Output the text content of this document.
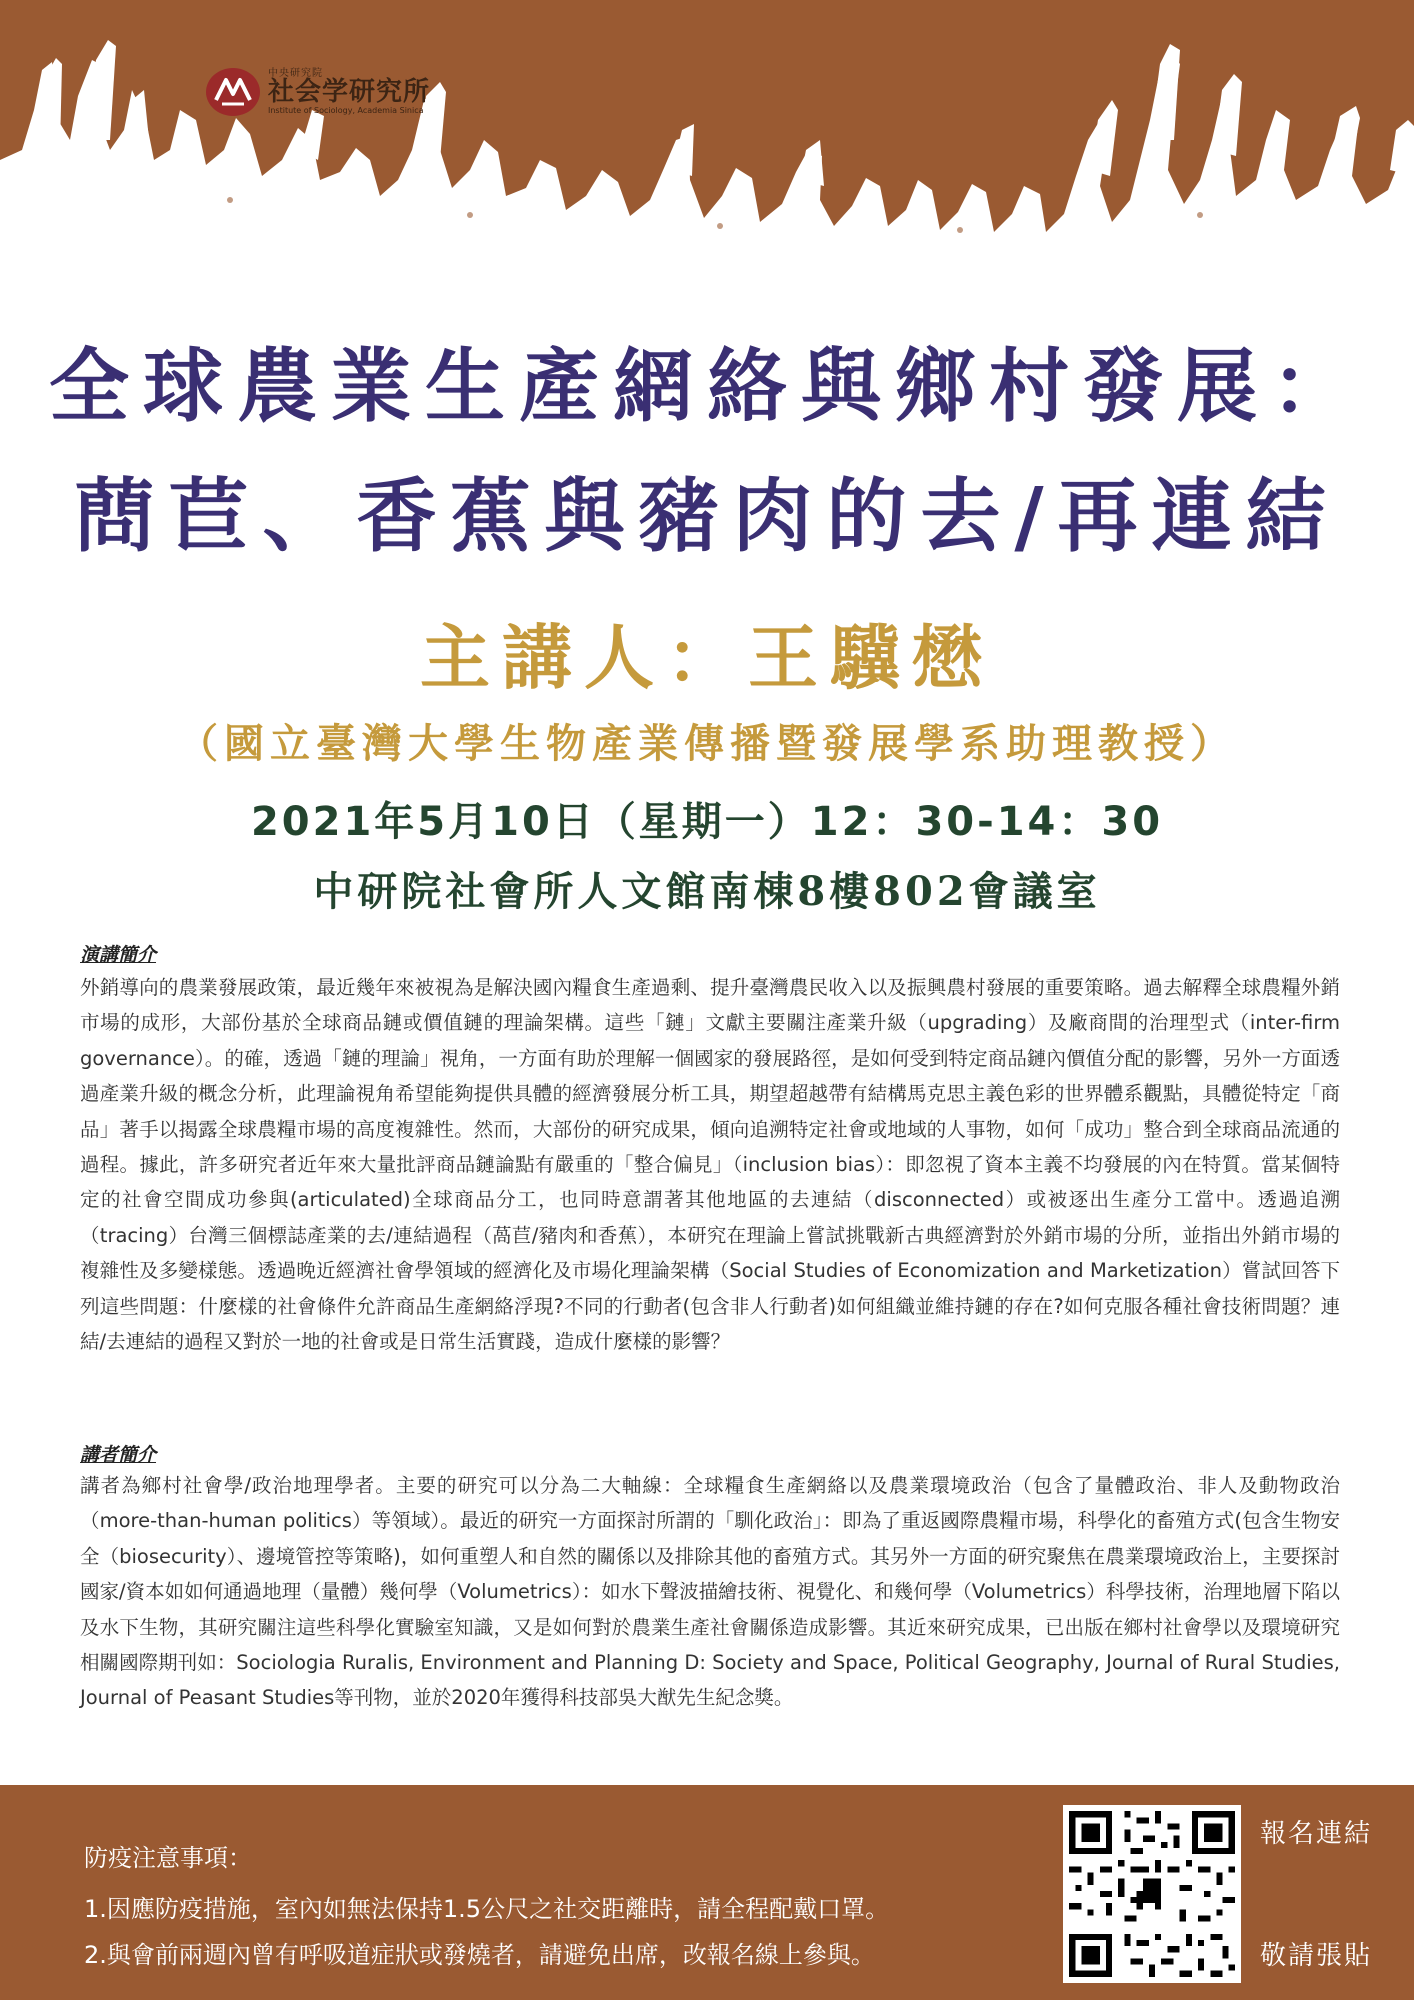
中央研究院
社会学研究所
Institute of Sociology, Academia Sinica
全球農業生產網絡與鄉村發展：
蔄苣、香蕉與豬肉的去/再連結
主講人：王驥懋
（國立臺灣大學生物產業傳播暨發展學系助理教授）
2021年5月10日（星期一）12：30-14：30
中研院社會所人文館南棟8樓802會議室
演講簡介

外銷導向的農業發展政策，最近幾年來被視為是解決國內糧食生產過剩、提升臺灣農民收入以及振興農村發展的重要策略。過去解釋全球農糧外銷市場的成形，大部份基於全球商品鏈或價值鏈的理論架構。這些「鏈」文獻主要關注產業升級（upgrading）及廠商間的治理型式（inter-firm governance）。的確，透過「鏈的理論」視角，一方面有助於理解一個國家的發展路徑，是如何受到特定商品鏈內價值分配的影響，另外一方面透過產業升級的概念分析，此理論視角希望能夠提供具體的經濟發展分析工具，期望超越帶有結構馬克思主義色彩的世界體系觀點，具體從特定「商品」著手以揭露全球農糧市場的高度複雜性。然而，大部份的研究成果，傾向追溯特定社會或地域的人事物，如何「成功」整合到全球商品流通的過程。據此，許多研究者近年來大量批評商品鏈論點有嚴重的「整合偏見」（inclusion bias）：即忽視了資本主義不均發展的內在特質。當某個特定的社會空間成功參與(articulated)全球商品分工，也同時意謂著其他地區的去連結（disconnected）或被逐出生產分工當中。透過追溯（tracing）台灣三個標誌產業的去/連結過程（萵苣/豬肉和香蕉），本研究在理論上嘗試挑戰新古典經濟對於外銷市場的分所，並指出外銷市場的複雜性及多變樣態。透過晚近經濟社會學領域的經濟化及市場化理論架構（Social Studies of Economization and Marketization）嘗試回答下列這些問題：什麼樣的社會條件允許商品生產網絡浮現?不同的行動者(包含非人行動者)如何組織並維持鏈的存在?如何克服各種社會技術問題？連結/去連結的過程又對於一地的社會或是日常生活實踐，造成什麼樣的影響？

講者簡介

講者為鄉村社會學/政治地理學者。主要的研究可以分為二大軸線：全球糧食生產網絡以及農業環境政治（包含了量體政治、非人及動物政治（more-than-human politics）等領域）。最近的研究一方面探討所謂的「馴化政治」：即為了重返國際農糧市場，科學化的畜殖方式(包含生物安全（biosecurity）、邊境管控等策略)，如何重塑人和自然的關係以及排除其他的畜殖方式。其另外一方面的研究聚焦在農業環境政治上，主要探討國家/資本如如何通過地理（量體）幾何學（Volumetrics）：如水下聲波描繪技術、視覺化、和幾何學（Volumetrics）科學技術，治理地層下陷以及水下生物，其研究關注這些科學化實驗室知識，又是如何對於農業生產社會關係造成影響。其近來研究成果，已出版在鄉村社會學以及環境研究相關國際期刊如：Sociologia Ruralis, Environment and Planning D: Society and Space, Political Geography, Journal of Rural Studies, Journal of Peasant Studies等刊物，並於2020年獲得科技部吳大猷先生紀念獎。

防疫注意事項：
1.因應防疫措施，室內如無法保持1.5公尺之社交距離時，請全程配戴口罩。
2.與會前兩週內曾有呼吸道症狀或發燒者，請避免出席，改報名線上參與。
報名連結
敬請張貼
